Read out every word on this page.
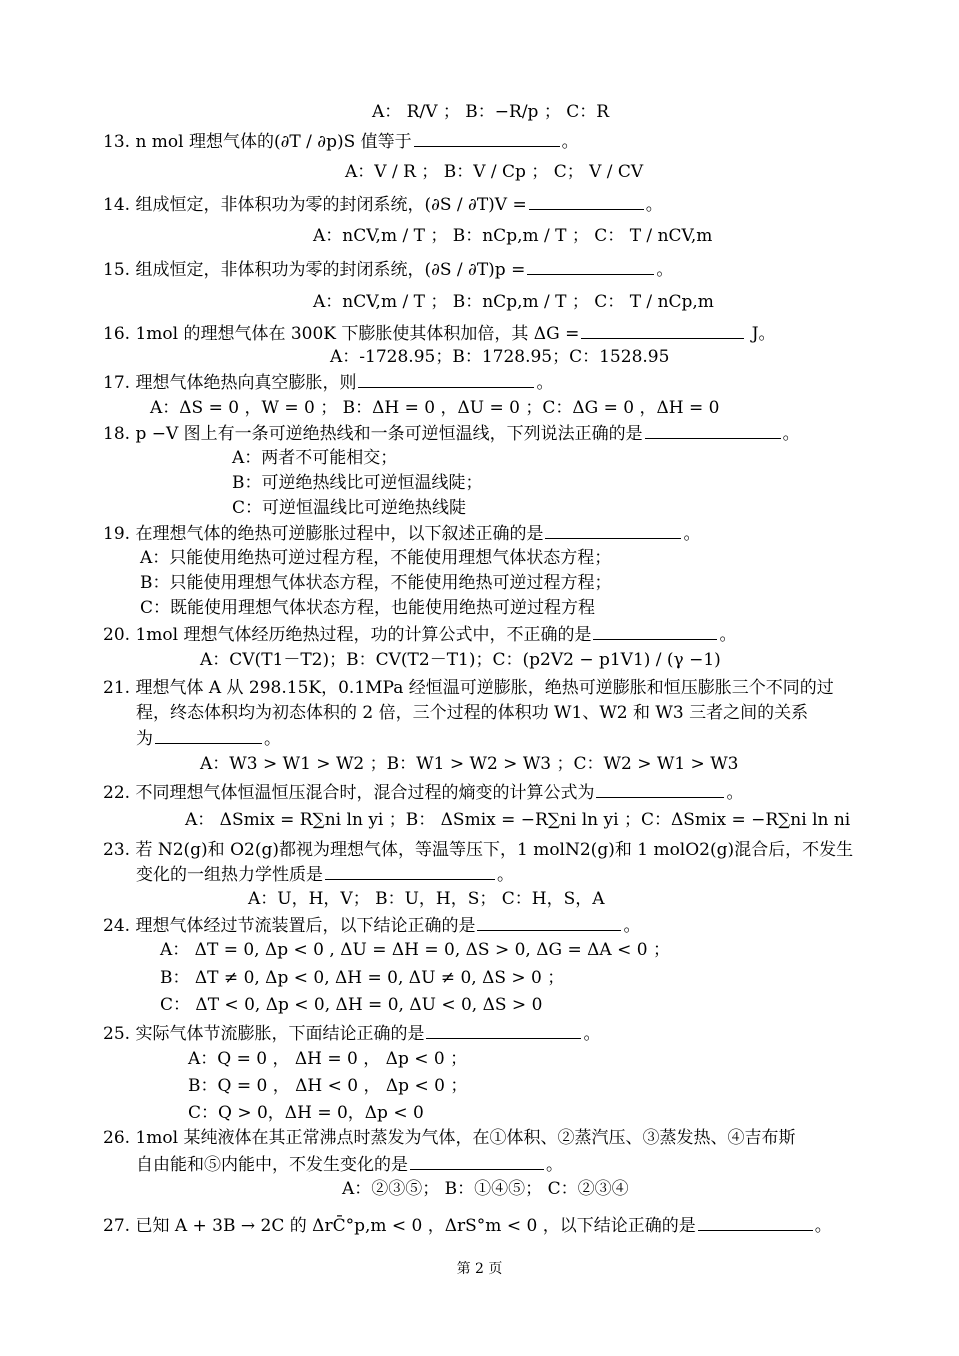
A： R/V ； B：−R/p ； C：R
13. n mol 理想气体的(∂T / ∂p)S 值等于	。
A：V / R ； B：V / Cp ； C； V / CV
14. 组成恒定，非体积功为零的封闭系统，(∂S / ∂T)V =	。
A：nCV,m / T ； B：nCp,m / T ； C： T / nCV,m
15. 组成恒定，非体积功为零的封闭系统，(∂S / ∂T)p =	。
A：nCV,m / T ； B：nCp,m / T ； C： T / nCp,m
16. 1mol 的理想气体在 300K 下膨胀使其体积加倍，其 ΔG =	J。
A：-1728.95；B：1728.95；C：1528.95
17. 理想气体绝热向真空膨胀，则	。
A：ΔS = 0 ，W = 0 ； B：ΔH = 0 ，ΔU = 0 ；C：ΔG = 0 ，ΔH = 0
18. p −V 图上有一条可逆绝热线和一条可逆恒温线，下列说法正确的是	。
A：两者不可能相交；
B：可逆绝热线比可逆恒温线陡；
C：可逆恒温线比可逆绝热线陡
19. 在理想气体的绝热可逆膨胀过程中，以下叙述正确的是	。
A：只能使用绝热可逆过程方程，不能使用理想气体状态方程；
B：只能使用理想气体状态方程，不能使用绝热可逆过程方程；
C：既能使用理想气体状态方程，也能使用绝热可逆过程方程
20. 1mol 理想气体经历绝热过程，功的计算公式中，不正确的是	。
A：CV(T1－T2)；B：CV(T2－T1)；C：(p2V2 − p1V1) / (γ −1)
21. 理想气体 A 从 298.15K，0.1MPa 经恒温可逆膨胀，绝热可逆膨胀和恒压膨胀三个不同的过
程，终态体积均为初态体积的 2 倍，三个过程的体积功 W1、W2 和 W3 三者之间的关系
为	。
A：W3 > W1 > W2 ；B：W1 > W2 > W3 ；C：W2 > W1 > W3
22. 不同理想气体恒温恒压混合时，混合过程的熵变的计算公式为	。
A： ΔSmix = R∑ni ln yi ；B： ΔSmix = −R∑ni ln yi ；C：ΔSmix = −R∑ni ln ni
23. 若 N2(g)和 O2(g)都视为理想气体，等温等压下，1 molN2(g)和 1 molO2(g)混合后，不发生
变化的一组热力学性质是	。
A：U，H，V； B：U，H，S； C：H，S，A
24. 理想气体经过节流装置后，以下结论正确的是	。
A： ΔT = 0, Δp < 0 , ΔU = ΔH = 0, ΔS > 0, ΔG = ΔA < 0 ；
B： ΔT ≠ 0, Δp < 0, ΔH = 0, ΔU ≠ 0, ΔS > 0 ；
C： ΔT < 0, Δp < 0, ΔH = 0, ΔU < 0, ΔS > 0
25. 实际气体节流膨胀，下面结论正确的是	。
A：Q = 0 ， ΔH = 0 ， Δp < 0 ；
B：Q = 0 ， ΔH < 0 ， Δp < 0 ；
C：Q > 0，ΔH = 0，Δp < 0
26. 1mol 某纯液体在其正常沸点时蒸发为气体，在①体积、②蒸汽压、③蒸发热、④吉布斯
自由能和⑤内能中，不发生变化的是	。
A：②③⑤； B：①④⑤； C：②③④
27. 已知 A + 3B → 2C 的 ΔrC̄°p,m < 0 ，ΔrS°m < 0 ，以下结论正确的是	。
第 2 页
